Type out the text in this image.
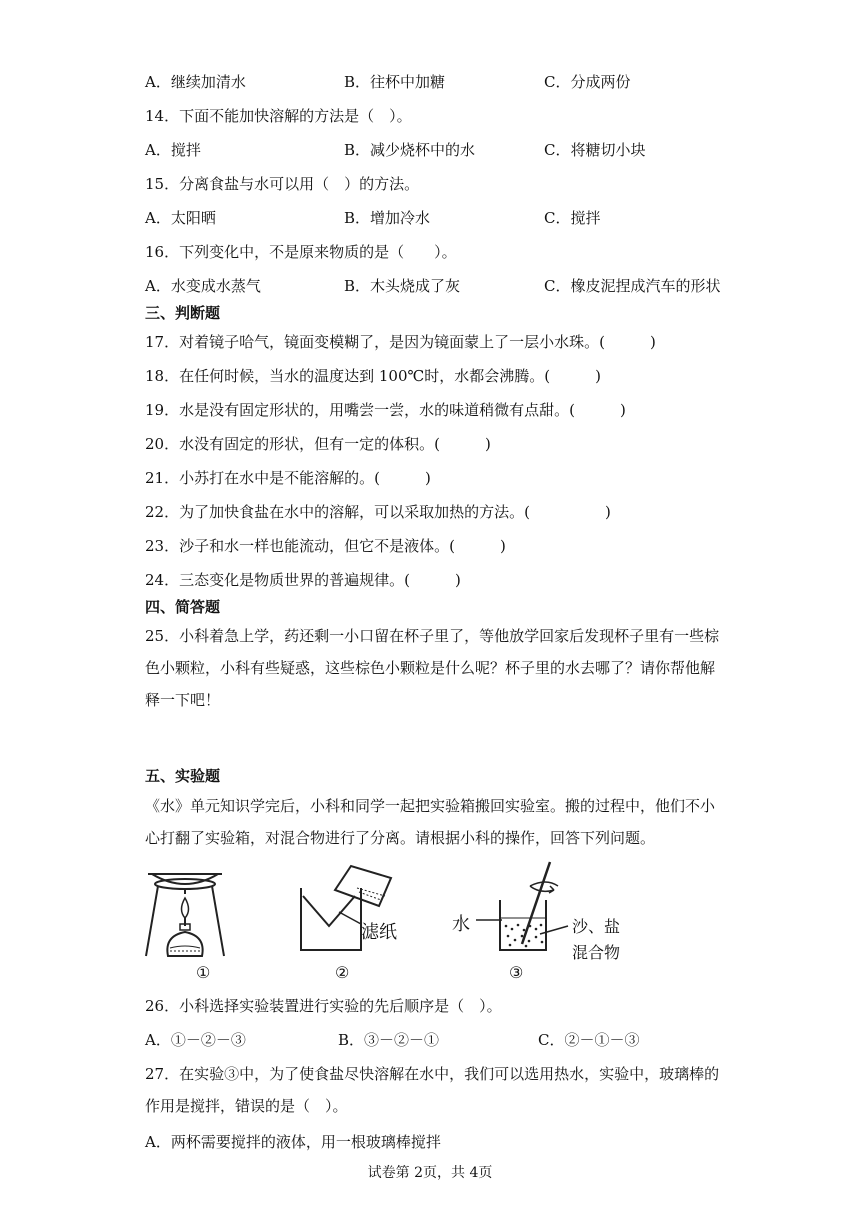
A．继续加清水	B．往杯中加糖	C．分成两份
14．下面不能加快溶解的方法是（　）。
A．搅拌	B．减少烧杯中的水	C．将糖切小块
15．分离食盐与水可以用（　）的方法。
A．太阳晒	B．增加冷水	C．搅拌
16．下列变化中，不是原来物质的是（　　）。
A．水变成水蒸气	B．木头烧成了灰	C．橡皮泥捏成汽车的形状
三、判断题
17．对着镜子哈气，镜面变模糊了，是因为镜面蒙上了一层小水珠。(　　　)
18．在任何时候，当水的温度达到 100℃时，水都会沸腾。(　　　)
19．水是没有固定形状的，用嘴尝一尝，水的味道稍微有点甜。(　　　)
20．水没有固定的形状，但有一定的体积。(　　　)
21．小苏打在水中是不能溶解的。(　　　)
22．为了加快食盐在水中的溶解，可以采取加热的方法。(　　　　　)
23．沙子和水一样也能流动，但它不是液体。(　　　)
24．三态变化是物质世界的普遍规律。(　　　)
四、简答题
25．小科着急上学，药还剩一小口留在杯子里了，等他放学回家后发现杯子里有一些棕色小颗粒，小科有些疑惑，这些棕色小颗粒是什么呢？杯子里的水去哪了？请你帮他解释一下吧！
五、实验题
《水》单元知识学完后，小科和同学一起把实验箱搬回实验室。搬的过程中，他们不小心打翻了实验箱，对混合物进行了分离。请根据小科的操作，回答下列问题。
①
滤纸
②
水	沙、盐
混合物
③
26．小科选择实验装置进行实验的先后顺序是（　）。
A．①－②－③	B．③－②－①	C．②－①－③
27．在实验③中，为了使食盐尽快溶解在水中，我们可以选用热水，实验中，玻璃棒的作用是搅拌，错误的是（　）。
A．两杯需要搅拌的液体，用一根玻璃棒搅拌
试卷第 2页，共 4页
